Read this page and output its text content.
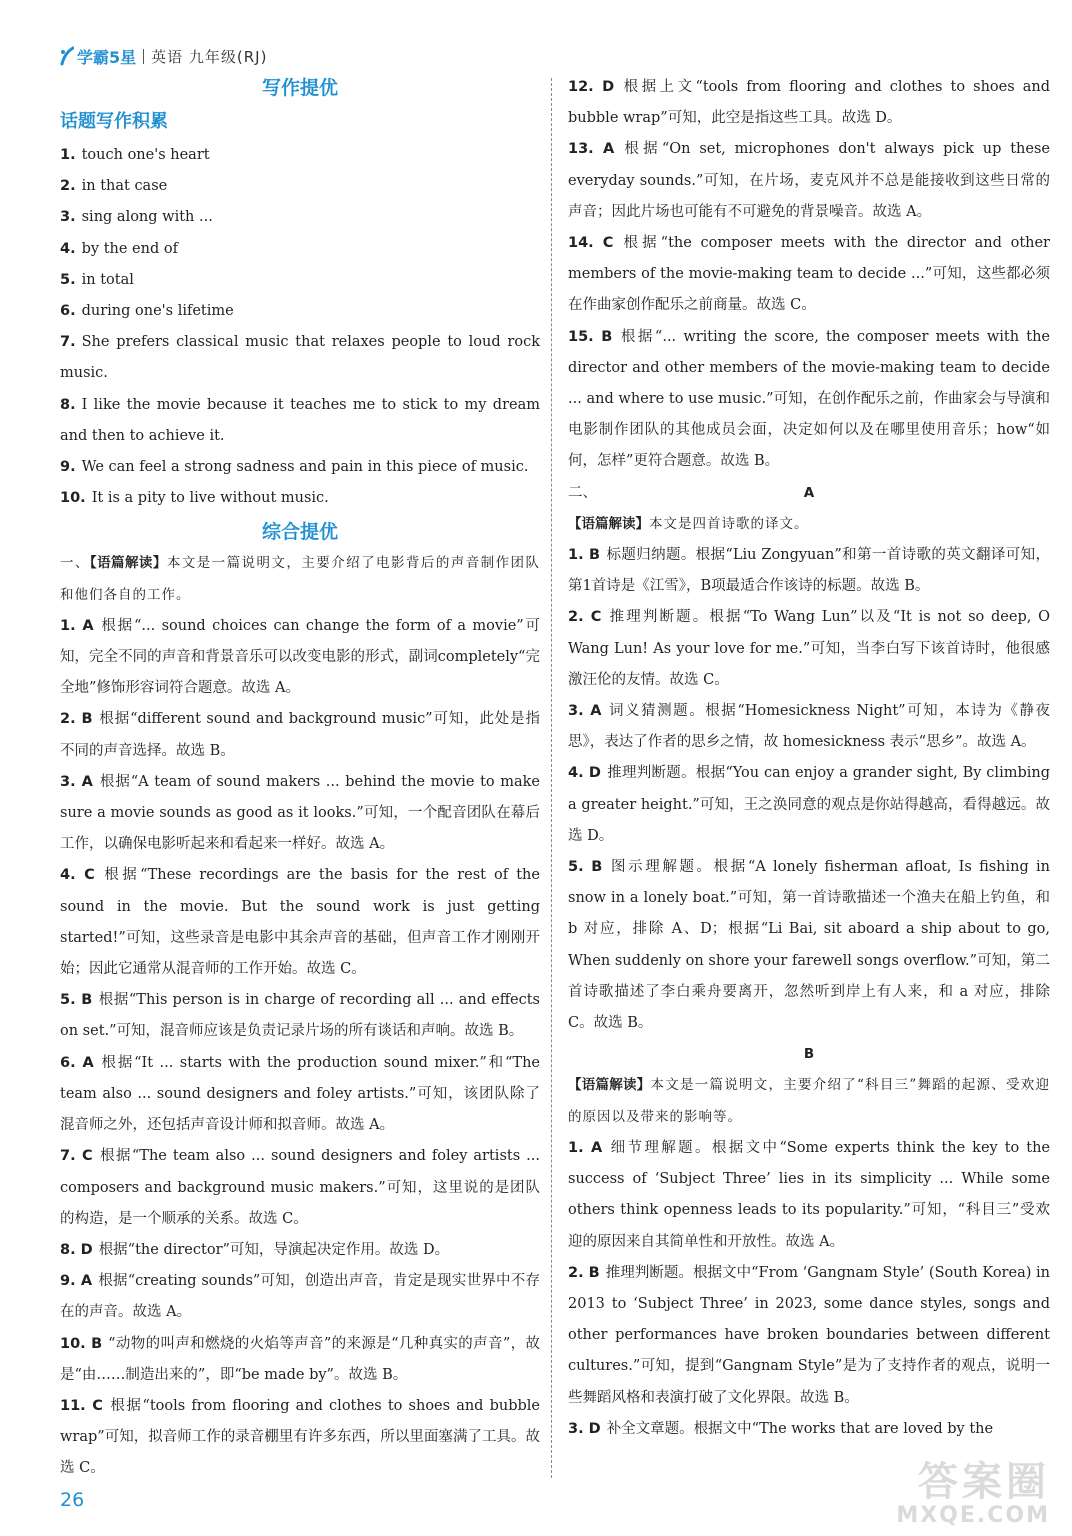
学霸5星 英语 九年级(RJ)
写作提优
话题写作积累
1. touch one's heart
2. in that case
3. sing along with ...
4. by the end of
5. in total
6. during one's lifetime
7. She prefers classical music that relaxes people to loud rock music.
8. I like the movie because it teaches me to stick to my dream and then to achieve it.
9. We can feel a strong sadness and pain in this piece of music.
10. It is a pity to live without music.
综合提优
一、【语篇解读】本文是一篇说明文，主要介绍了电影背后的声音制作团队和他们各自的工作。
1. A 根据“... sound choices can change the form of a movie”可知，完全不同的声音和背景音乐可以改变电影的形式，副词completely“完全地”修饰形容词符合题意。故选 A。
2. B 根据“different sound and background music”可知，此处是指不同的声音选择。故选 B。
3. A 根据“A team of sound makers ... behind the movie to make sure a movie sounds as good as it looks.”可知，一个配音团队在幕后工作，以确保电影听起来和看起来一样好。故选 A。
4. C 根据“These recordings are the basis for the rest of the sound in the movie. But the sound work is just getting started!”可知，这些录音是电影中其余声音的基础，但声音工作才刚刚开始；因此它通常从混音师的工作开始。故选 C。
5. B 根据“This person is in charge of recording all ... and effects on set.”可知，混音师应该是负责记录片场的所有谈话和声响。故选 B。
6. A 根据“It ... starts with the production sound mixer.”和“The team also ... sound designers and foley artists.”可知，该团队除了混音师之外，还包括声音设计师和拟音师。故选 A。
7. C 根据“The team also ... sound designers and foley artists ... composers and background music makers.”可知，这里说的是团队的构造，是一个顺承的关系。故选 C。
8. D 根据“the director”可知，导演起决定作用。故选 D。
9. A 根据“creating sounds”可知，创造出声音，肯定是现实世界中不存在的声音。故选 A。
10. B “动物的叫声和燃烧的火焰等声音”的来源是“几种真实的声音”，故是“由……制造出来的”，即“be made by”。故选 B。
11. C 根据“tools from flooring and clothes to shoes and bubble wrap”可知，拟音师工作的录音棚里有许多东西，所以里面塞满了工具。故选 C。
12. D 根据上文“tools from flooring and clothes to shoes and bubble wrap”可知，此空是指这些工具。故选 D。
13. A 根据“On set, microphones don't always pick up these everyday sounds.”可知，在片场，麦克风并不总是能接收到这些日常的声音；因此片场也可能有不可避免的背景噪音。故选 A。
14. C 根据“the composer meets with the director and other members of the movie-making team to decide ...”可知，这些都必须在作曲家创作配乐之前商量。故选 C。
15. B 根据“... writing the score, the composer meets with the director and other members of the movie-making team to decide ... and where to use music.”可知，在创作配乐之前，作曲家会与导演和电影制作团队的其他成员会面，决定如何以及在哪里使用音乐；how“如何，怎样”更符合题意。故选 B。
二、	A
【语篇解读】本文是四首诗歌的译文。
1. B 标题归纳题。根据“Liu Zongyuan”和第一首诗歌的英文翻译可知，第1首诗是《江雪》，B项最适合作该诗的标题。故选 B。
2. C 推理判断题。根据“To Wang Lun”以及“It is not so deep, O Wang Lun! As your love for me.”可知，当李白写下该首诗时，他很感激汪伦的友情。故选 C。
3. A 词义猜测题。根据“Homesickness Night”可知，本诗为《静夜思》，表达了作者的思乡之情，故 homesickness 表示“思乡”。故选 A。
4. D 推理判断题。根据“You can enjoy a grander sight, By climbing a greater height.”可知，王之涣同意的观点是你站得越高，看得越远。故选 D。
5. B 图示理解题。根据“A lonely fisherman afloat, Is fishing in snow in a lonely boat.”可知，第一首诗歌描述一个渔夫在船上钓鱼，和 b 对应，排除 A、D；根据“Li Bai, sit aboard a ship about to go, When suddenly on shore your farewell songs overflow.”可知，第二首诗歌描述了李白乘舟要离开，忽然听到岸上有人来，和 a 对应，排除 C。故选 B。
B
【语篇解读】本文是一篇说明文，主要介绍了“科目三”舞蹈的起源、受欢迎的原因以及带来的影响等。
1. A 细节理解题。根据文中“Some experts think the key to the success of ‘Subject Three’ lies in its simplicity ... While some others think openness leads to its popularity.”可知，“科目三”受欢迎的原因来自其简单性和开放性。故选 A。
2. B 推理判断题。根据文中“From ‘Gangnam Style’ (South Korea) in 2013 to ‘Subject Three’ in 2023, some dance styles, songs and other performances have broken boundaries between different cultures.”可知，提到“Gangnam Style”是为了支持作者的观点，说明一些舞蹈风格和表演打破了文化界限。故选 B。
3. D 补全文章题。根据文中“The works that are loved by the
26	答案圈
MXQE.COM
